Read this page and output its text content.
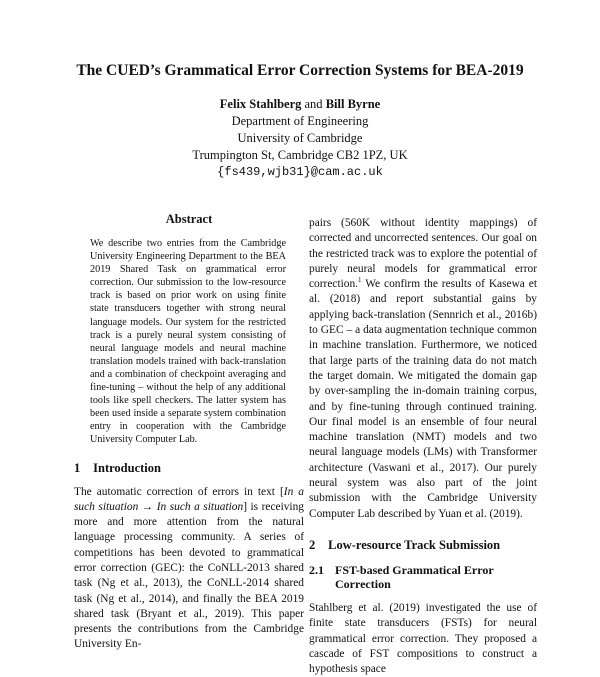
The CUED’s Grammatical Error Correction Systems for BEA-2019
Felix Stahlberg and Bill Byrne
Department of Engineering
University of Cambridge
Trumpington St, Cambridge CB2 1PZ, UK
{fs439,wjb31}@cam.ac.uk
Abstract
We describe two entries from the Cambridge University Engineering Department to the BEA 2019 Shared Task on grammatical error correction. Our submission to the low-resource track is based on prior work on using finite state transducers together with strong neural language models. Our system for the restricted track is a purely neural system consisting of neural language models and neural machine translation models trained with back-translation and a combination of checkpoint averaging and fine-tuning – without the help of any additional tools like spell checkers. The latter system has been used inside a separate system combination entry in cooperation with the Cambridge University Computer Lab.
1 Introduction

The automatic correction of errors in text [In a such situation → In such a situation] is receiving more and more attention from the natural language processing community. A series of competitions has been devoted to grammatical error correction (GEC): the CoNLL-2013 shared task (Ng et al., 2013), the CoNLL-2014 shared task (Ng et al., 2014), and finally the BEA 2019 shared task (Bryant et al., 2019). This paper presents the contributions from the Cambridge University En-

pairs (560K without identity mappings) of corrected and uncorrected sentences. Our goal on the restricted track was to explore the potential of purely neural models for grammatical error correction.$^1$ We confirm the results of Kasewa et al. (2018) and report substantial gains by applying back-translation (Sennrich et al., 2016b) to GEC – a data augmentation technique common in machine translation. Furthermore, we noticed that large parts of the training data do not match the target domain. We mitigated the domain gap by over-sampling the in-domain training corpus, and by fine-tuning through continued training. Our final model is an ensemble of four neural machine translation (NMT) models and two neural language models (LMs) with Transformer architecture (Vaswani et al., 2017). Our purely neural system was also part of the joint submission with the Cambridge University Computer Lab described by Yuan et al. (2019).

2 Low-resource Track Submission
2.1 FST-based Grammatical Error Correction

Stahlberg et al. (2019) investigated the use of finite state transducers (FSTs) for neural grammatical error correction. They proposed a cascade of FST compositions to construct a hypothesis space
